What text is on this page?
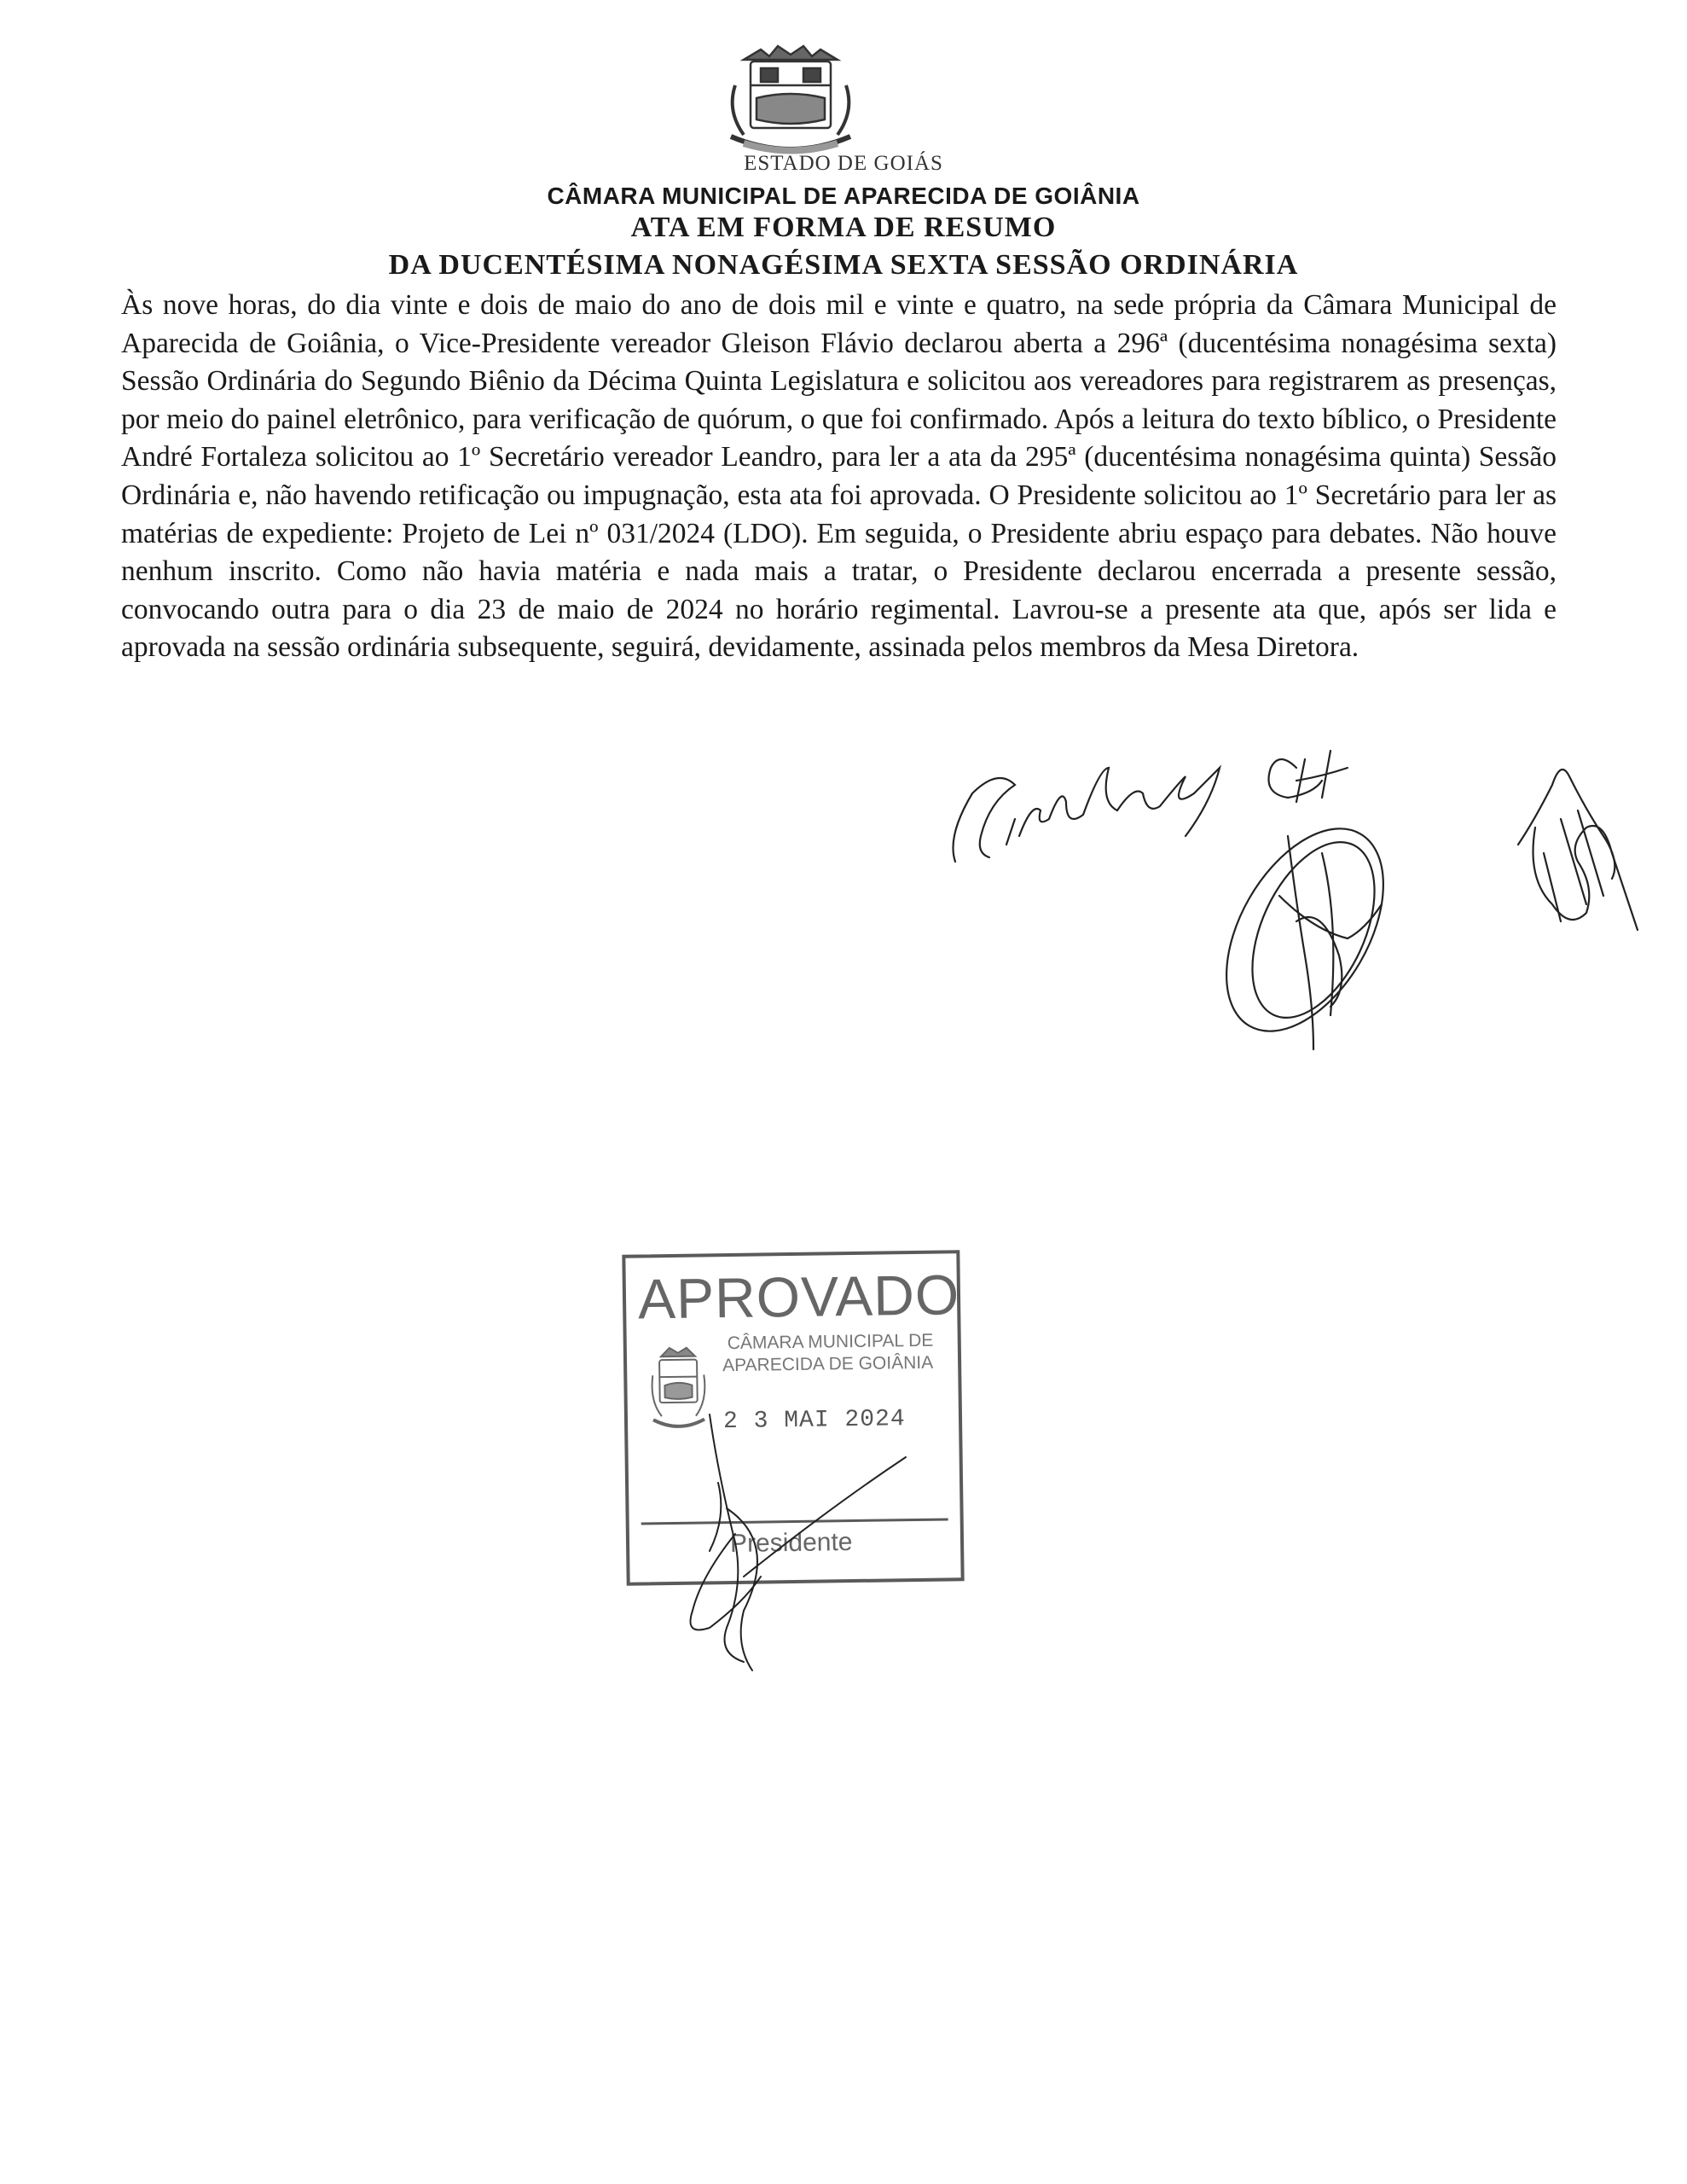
ESTADO DE GOIÁS
CÂMARA MUNICIPAL DE APARECIDA DE GOIÂNIA
ATA EM FORMA DE RESUMO
DA DUCENTÉSIMA NONAGÉSIMA SEXTA SESSÃO ORDINÁRIA

Às nove horas, do dia vinte e dois de maio do ano de dois mil e vinte e quatro, na sede própria da Câmara Municipal de Aparecida de Goiânia, o Vice-Presidente vereador Gleison Flávio declarou aberta a 296ª (ducentésima nonagésima sexta) Sessão Ordinária do Segundo Biênio da Décima Quinta Legislatura e solicitou aos vereadores para registrarem as presenças, por meio do painel eletrônico, para verificação de quórum, o que foi confirmado. Após a leitura do texto bíblico, o Presidente André Fortaleza solicitou ao 1º Secretário vereador Leandro, para ler a ata da 295ª (ducentésima nonagésima quinta) Sessão Ordinária e, não havendo retificação ou impugnação, esta ata foi aprovada. O Presidente solicitou ao 1º Secretário para ler as matérias de expediente: Projeto de Lei nº 031/2024 (LDO). Em seguida, o Presidente abriu espaço para debates. Não houve nenhum inscrito. Como não havia matéria e nada mais a tratar, o Presidente declarou encerrada a presente sessão, convocando outra para o dia 23 de maio de 2024 no horário regimental. Lavrou-se a presente ata que, após ser lida e aprovada na sessão ordinária subsequente, seguirá, devidamente, assinada pelos membros da Mesa Diretora.

APROVADO
CÂMARA MUNICIPAL DE
APARECIDA DE GOIÂNIA
2 3 MAI 2024
Presidente
